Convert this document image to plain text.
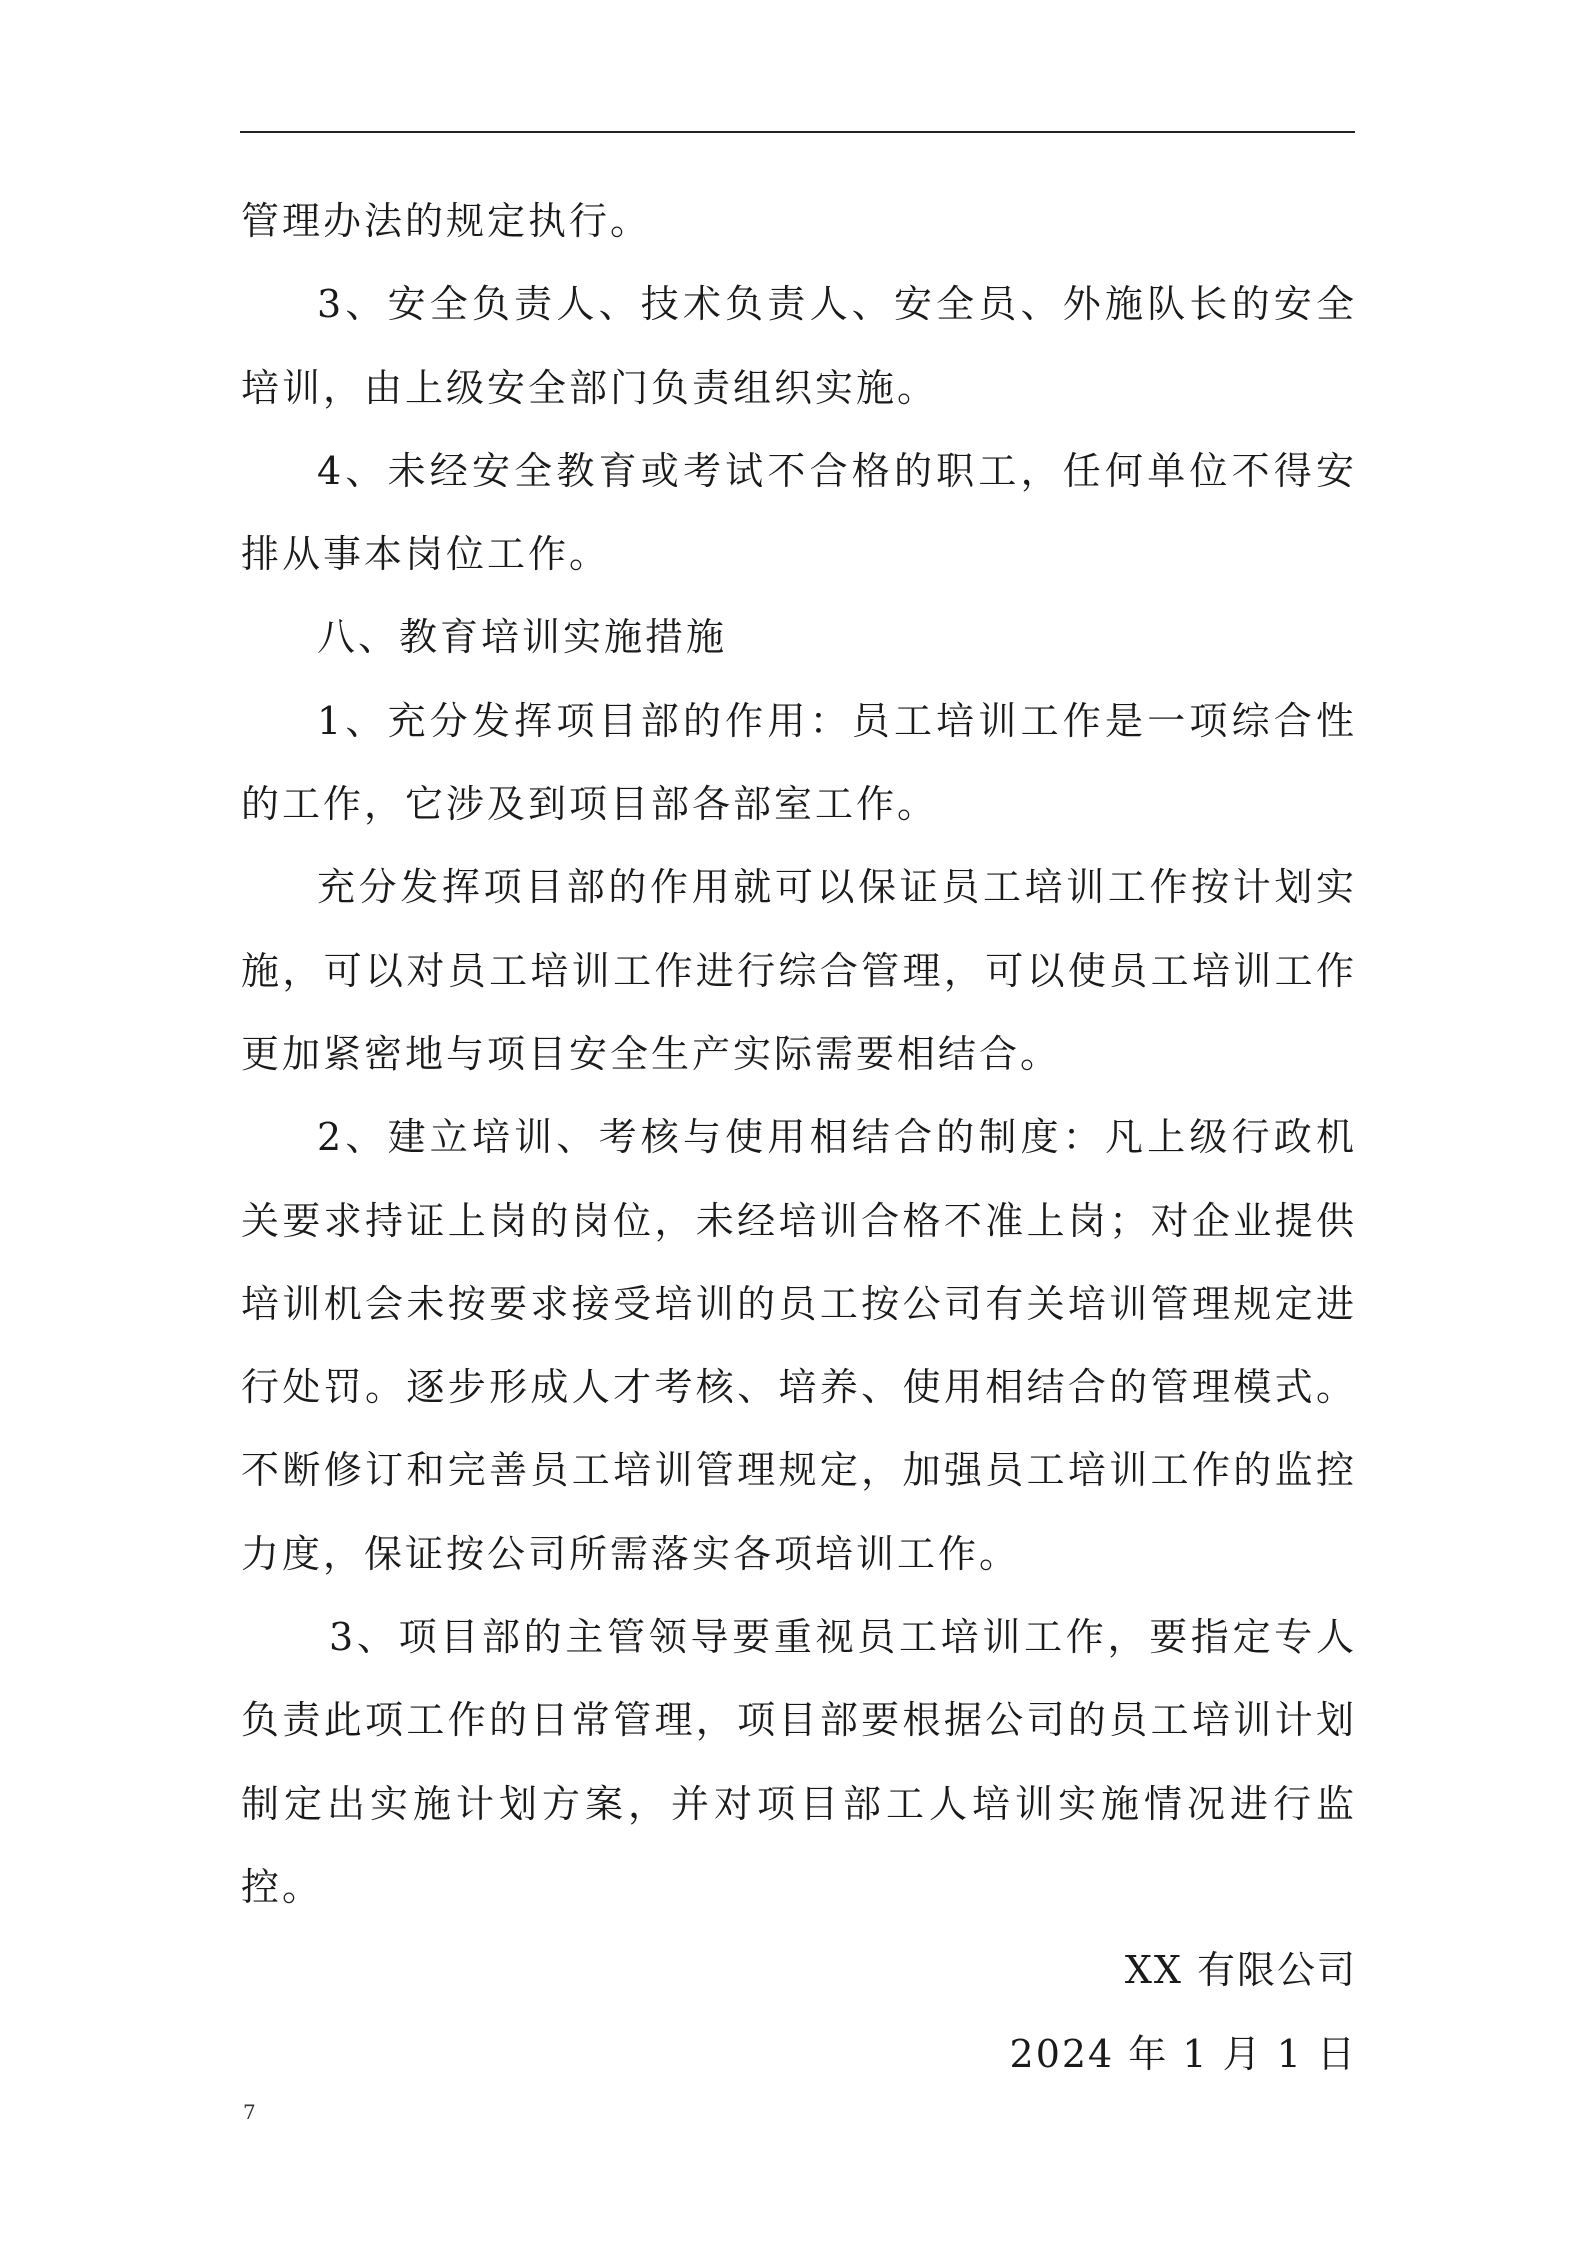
管理办法的规定执行。

3、安全负责人、技术负责人、安全员、外施队长的安全培训，由上级安全部门负责组织实施。

4、未经安全教育或考试不合格的职工，任何单位不得安排从事本岗位工作。

八、教育培训实施措施

1、充分发挥项目部的作用：员工培训工作是一项综合性的工作，它涉及到项目部各部室工作。

充分发挥项目部的作用就可以保证员工培训工作按计划实施，可以对员工培训工作进行综合管理，可以使员工培训工作更加紧密地与项目安全生产实际需要相结合。

2、建立培训、考核与使用相结合的制度：凡上级行政机关要求持证上岗的岗位，未经培训合格不准上岗；对企业提供培训机会未按要求接受培训的员工按公司有关培训管理规定进行处罚。逐步形成人才考核、培养、使用相结合的管理模式。不断修订和完善员工培训管理规定，加强员工培训工作的监控力度，保证按公司所需落实各项培训工作。

3、项目部的主管领导要重视员工培训工作，要指定专人负责此项工作的日常管理，项目部要根据公司的员工培训计划制定出实施计划方案，并对项目部工人培训实施情况进行监控。

XX 有限公司

2024 年 1 月 1 日

7
